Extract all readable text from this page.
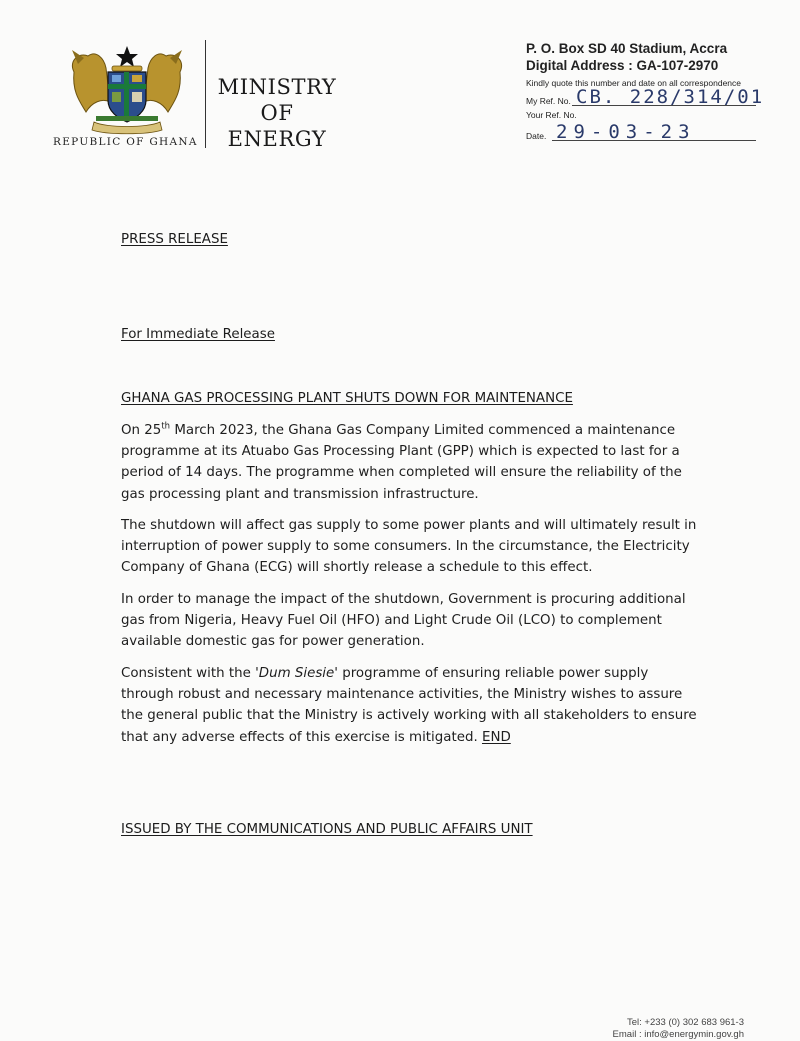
REPUBLIC OF GHANA
MINISTRY
OF
ENERGY
P. O. Box SD 40 Stadium, Accra
Digital Address : GA-107-2970
Kindly quote this number and date on all correspondence
My Ref. No. CB. 228/314/01
Your Ref. No.
Date. 29-03-23
PRESS RELEASE
For Immediate Release
GHANA GAS PROCESSING PLANT SHUTS DOWN FOR MAINTENANCE
On 25th March 2023, the Ghana Gas Company Limited commenced a maintenance programme at its Atuabo Gas Processing Plant (GPP) which is expected to last for a period of 14 days. The programme when completed will ensure the reliability of the gas processing plant and transmission infrastructure.
The shutdown will affect gas supply to some power plants and will ultimately result in interruption of power supply to some consumers. In the circumstance, the Electricity Company of Ghana (ECG) will shortly release a schedule to this effect.
In order to manage the impact of the shutdown, Government is procuring additional gas from Nigeria, Heavy Fuel Oil (HFO) and Light Crude Oil (LCO) to complement available domestic gas for power generation.
Consistent with the 'Dum Siesie' programme of ensuring reliable power supply through robust and necessary maintenance activities, the Ministry wishes to assure the general public that the Ministry is actively working with all stakeholders to ensure that any adverse effects of this exercise is mitigated. END
ISSUED BY THE COMMUNICATIONS AND PUBLIC AFFAIRS UNIT
Tel: +233 (0) 302 683 961-3
Email : info@energymin.gov.gh
